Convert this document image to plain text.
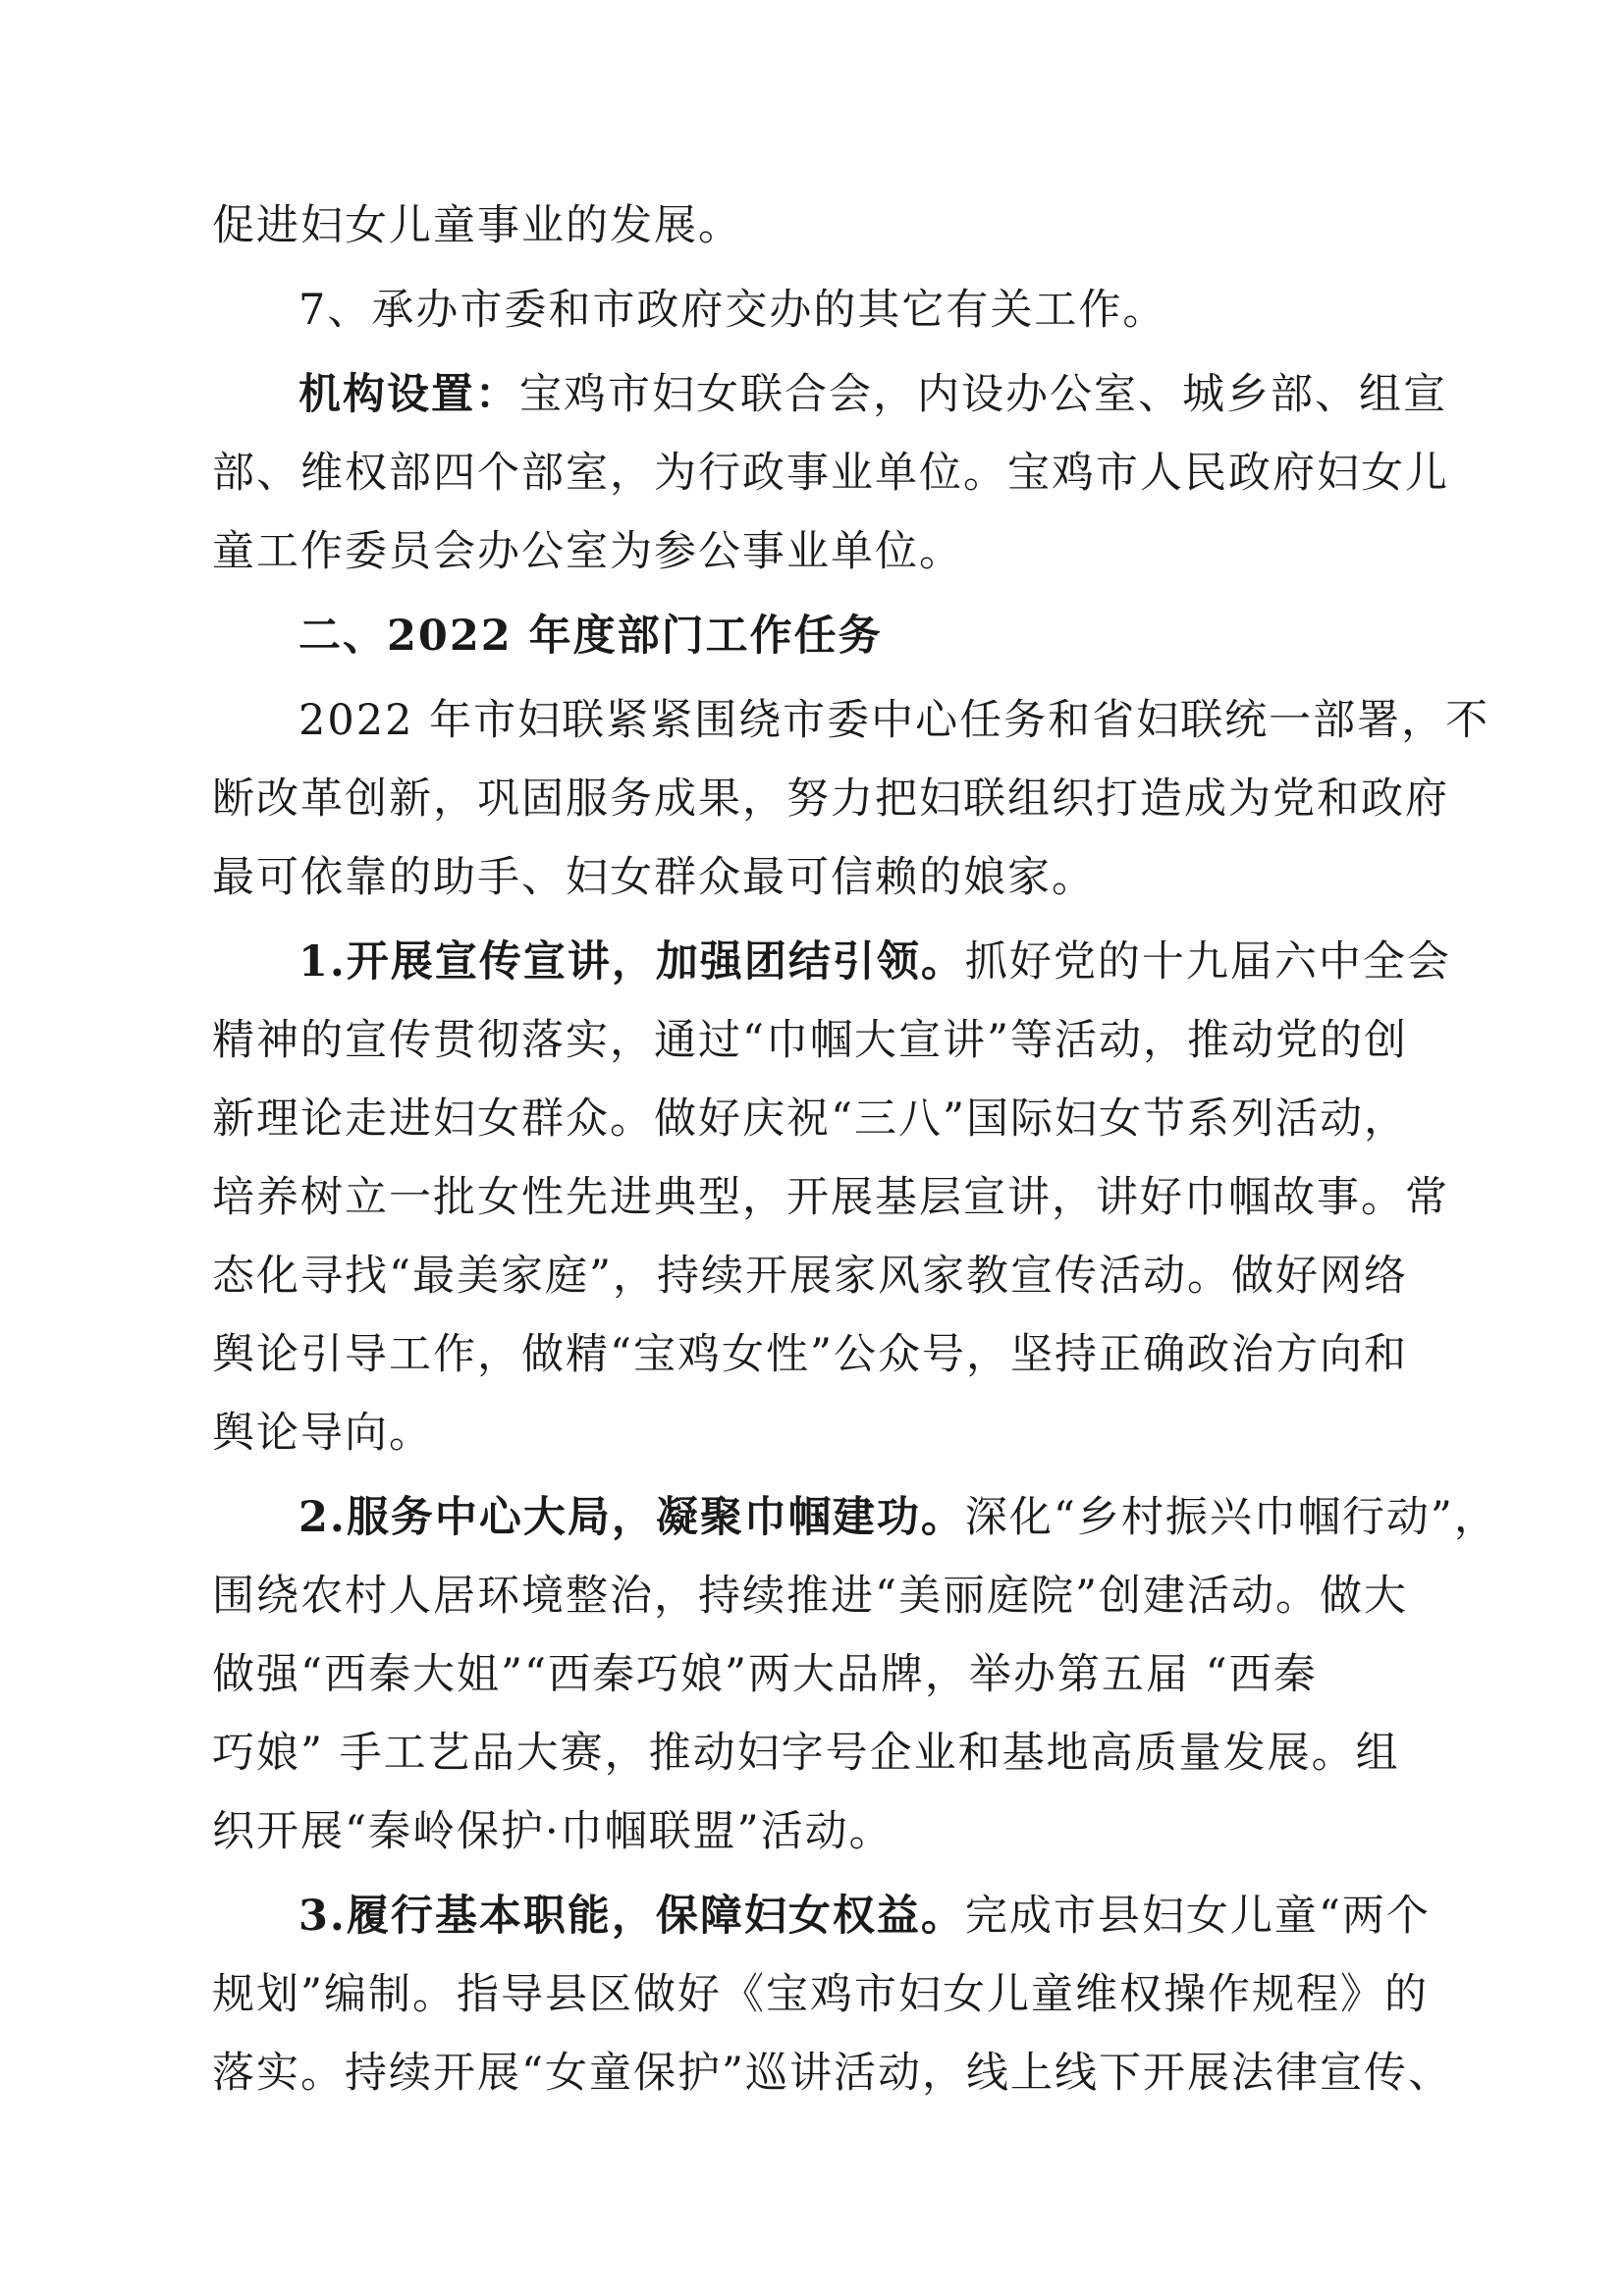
促进妇女儿童事业的发展。
7、承办市委和市政府交办的其它有关工作。
机构设置：宝鸡市妇女联合会，内设办公室、城乡部、组宣
部、维权部四个部室，为行政事业单位。宝鸡市人民政府妇女儿
童工作委员会办公室为参公事业单位。
二、2022 年度部门工作任务
2022 年市妇联紧紧围绕市委中心任务和省妇联统一部署，不
断改革创新，巩固服务成果，努力把妇联组织打造成为党和政府
最可依靠的助手、妇女群众最可信赖的娘家。
1.开展宣传宣讲，加强团结引领。抓好党的十九届六中全会
精神的宣传贯彻落实，通过“巾帼大宣讲”等活动，推动党的创
新理论走进妇女群众。做好庆祝“三八”国际妇女节系列活动，
培养树立一批女性先进典型，开展基层宣讲，讲好巾帼故事。常
态化寻找“最美家庭”，持续开展家风家教宣传活动。做好网络
舆论引导工作，做精“宝鸡女性”公众号，坚持正确政治方向和
舆论导向。
2.服务中心大局，凝聚巾帼建功。深化“乡村振兴巾帼行动”，
围绕农村人居环境整治，持续推进“美丽庭院”创建活动。做大
做强“西秦大姐”“西秦巧娘”两大品牌，举办第五届 “西秦
巧娘” 手工艺品大赛，推动妇字号企业和基地高质量发展。组
织开展“秦岭保护·巾帼联盟”活动。
3.履行基本职能，保障妇女权益。完成市县妇女儿童“两个
规划”编制。指导县区做好《宝鸡市妇女儿童维权操作规程》的
落实。持续开展“女童保护”巡讲活动，线上线下开展法律宣传、
